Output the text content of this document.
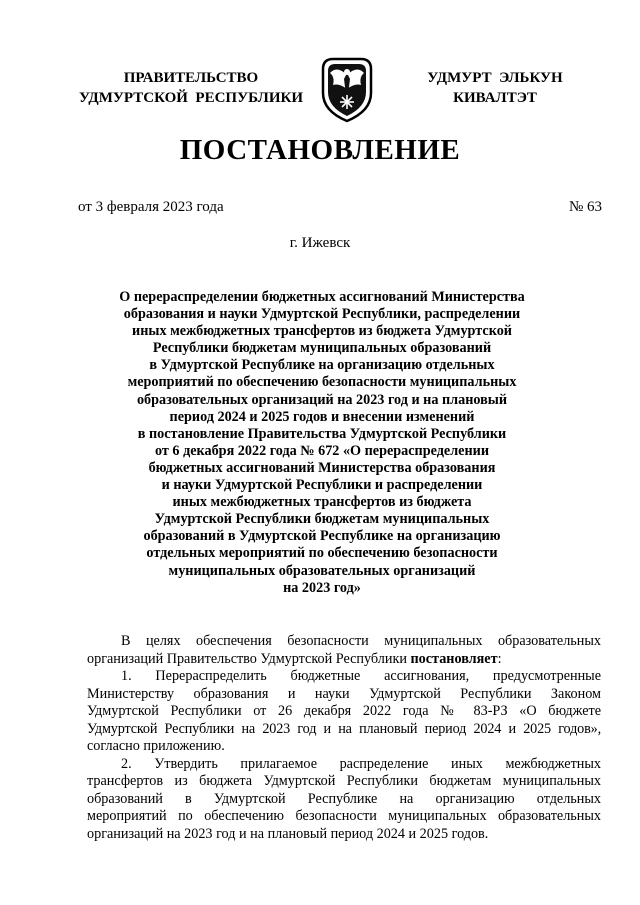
ПРАВИТЕЛЬСТВО
УДМУРТСКОЙ  РЕСПУБЛИКИ
УДМУРТ  ЭЛЬКУН
КИВАЛТЭТ
ПОСТАНОВЛЕНИЕ
от 3 февраля 2023 года	№ 63
г. Ижевск
О перераспределении бюджетных ассигнований Министерства
образования и науки Удмуртской Республики, распределении
иных межбюджетных трансфертов из бюджета Удмуртской
Республики бюджетам муниципальных образований
в Удмуртской Республике на организацию отдельных
мероприятий по обеспечению безопасности муниципальных
образовательных организаций на 2023 год и на плановый
период 2024 и 2025 годов и внесении изменений
в постановление Правительства Удмуртской Республики
от 6 декабря 2022 года № 672 «О перераспределении
бюджетных ассигнований Министерства образования
и науки Удмуртской Республики и распределении
иных межбюджетных трансфертов из бюджета
Удмуртской Республики бюджетам муниципальных
образований в Удмуртской Республике на организацию
отдельных мероприятий по обеспечению безопасности
муниципальных образовательных организаций
на 2023 год»
В целях обеспечения безопасности муниципальных образовательных
организаций Правительство Удмуртской Республики постановляет:
1. Перераспределить бюджетные ассигнования, предусмотренные
Министерству образования и науки Удмуртской Республики Законом
Удмуртской Республики от 26 декабря 2022 года № 83-РЗ «О бюджете
Удмуртской Республики на 2023 год и на плановый период 2024 и 2025 годов»,
согласно приложению.
2. Утвердить прилагаемое распределение иных межбюджетных
трансфертов из бюджета Удмуртской Республики бюджетам муниципальных
образований в Удмуртской Республике на организацию отдельных
мероприятий по обеспечению безопасности муниципальных образовательных
организаций на 2023 год и на плановый период 2024 и 2025 годов.
